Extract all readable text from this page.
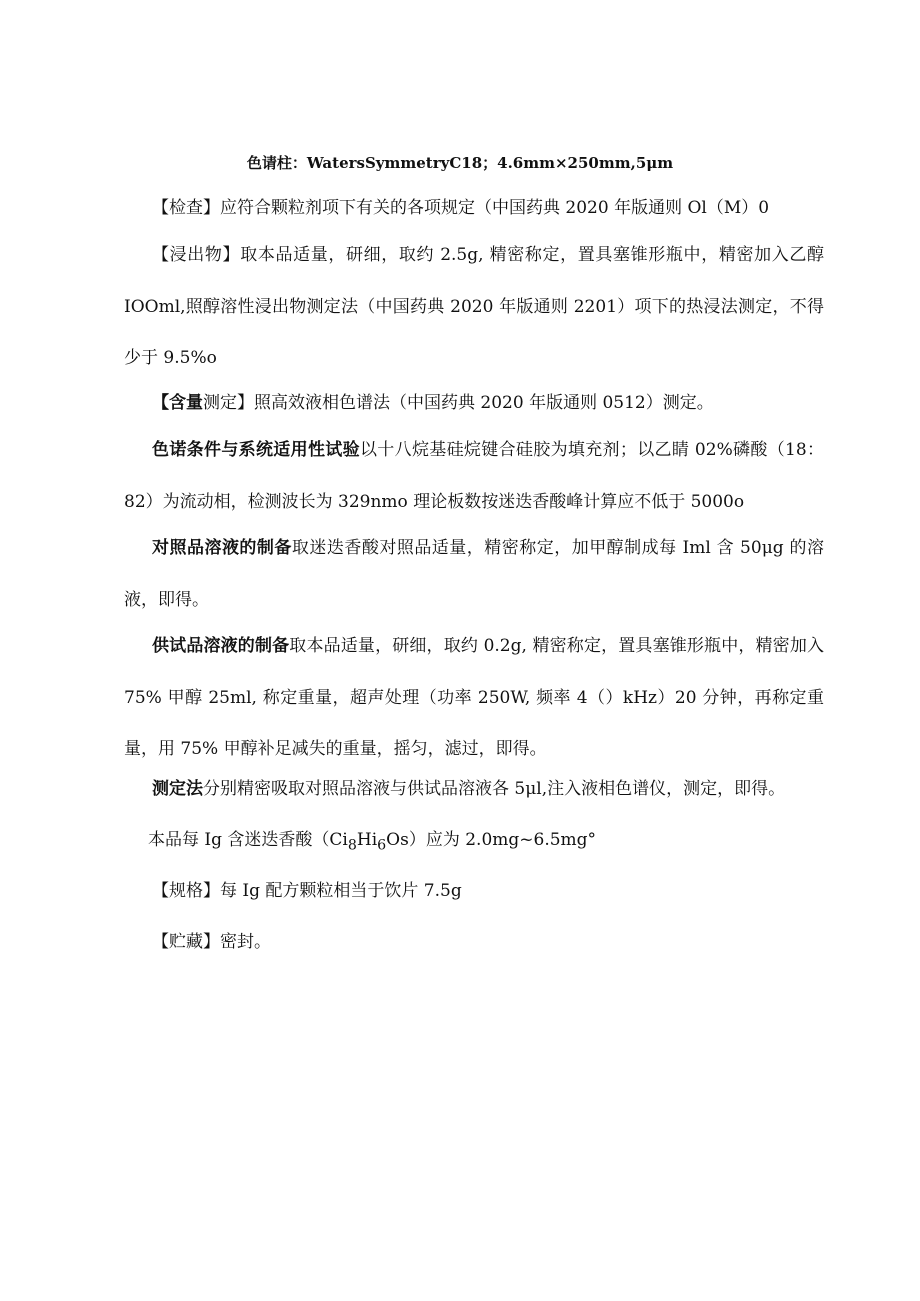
色请柱：WatersSymmetryC18；4.6mm×250mm,5μm

【检查】应符合颗粒剂项下有关的各项规定（中国药典 2020 年版通则 Ol（M）0

【浸出物】取本品适量，研细，取约 2.5g, 精密称定，置具塞锥形瓶中，精密加入乙醇 IOOml,照醇溶性浸出物测定法（中国药典 2020 年版通则 2201）项下的热浸法测定，不得少于 9.5%o

【含量测定】照高效液相色谱法（中国药典 2020 年版通则 0512）测定。

色诺条件与系统适用性试验以十八烷基硅烷键合硅胶为填充剂；以乙睛 02%磷酸（18：82）为流动相，检测波长为 329nmo 理论板数按迷迭香酸峰计算应不低于 5000o

对照品溶液的制备取迷迭香酸对照品适量，精密称定，加甲醇制成每 Iml 含 50μg 的溶液，即得。

供试品溶液的制备取本品适量，研细，取约 0.2g, 精密称定，置具塞锥形瓶中，精密加入 75% 甲醇 25ml, 称定重量，超声处理（功率 250W, 频率 4（）kHz）20 分钟，再称定重量，用 75% 甲醇补足减失的重量，摇匀，滤过，即得。

测定法分别精密吸取对照品溶液与供试品溶液各 5μl,注入液相色谱仪，测定，即得。

本品每 Ig 含迷迭香酸$(Ci_8Hi_6Os)$应为 2.0mg~6.5mg°

【规格】每 Ig 配方颗粒相当于饮片 7.5g

【贮藏】密封。
